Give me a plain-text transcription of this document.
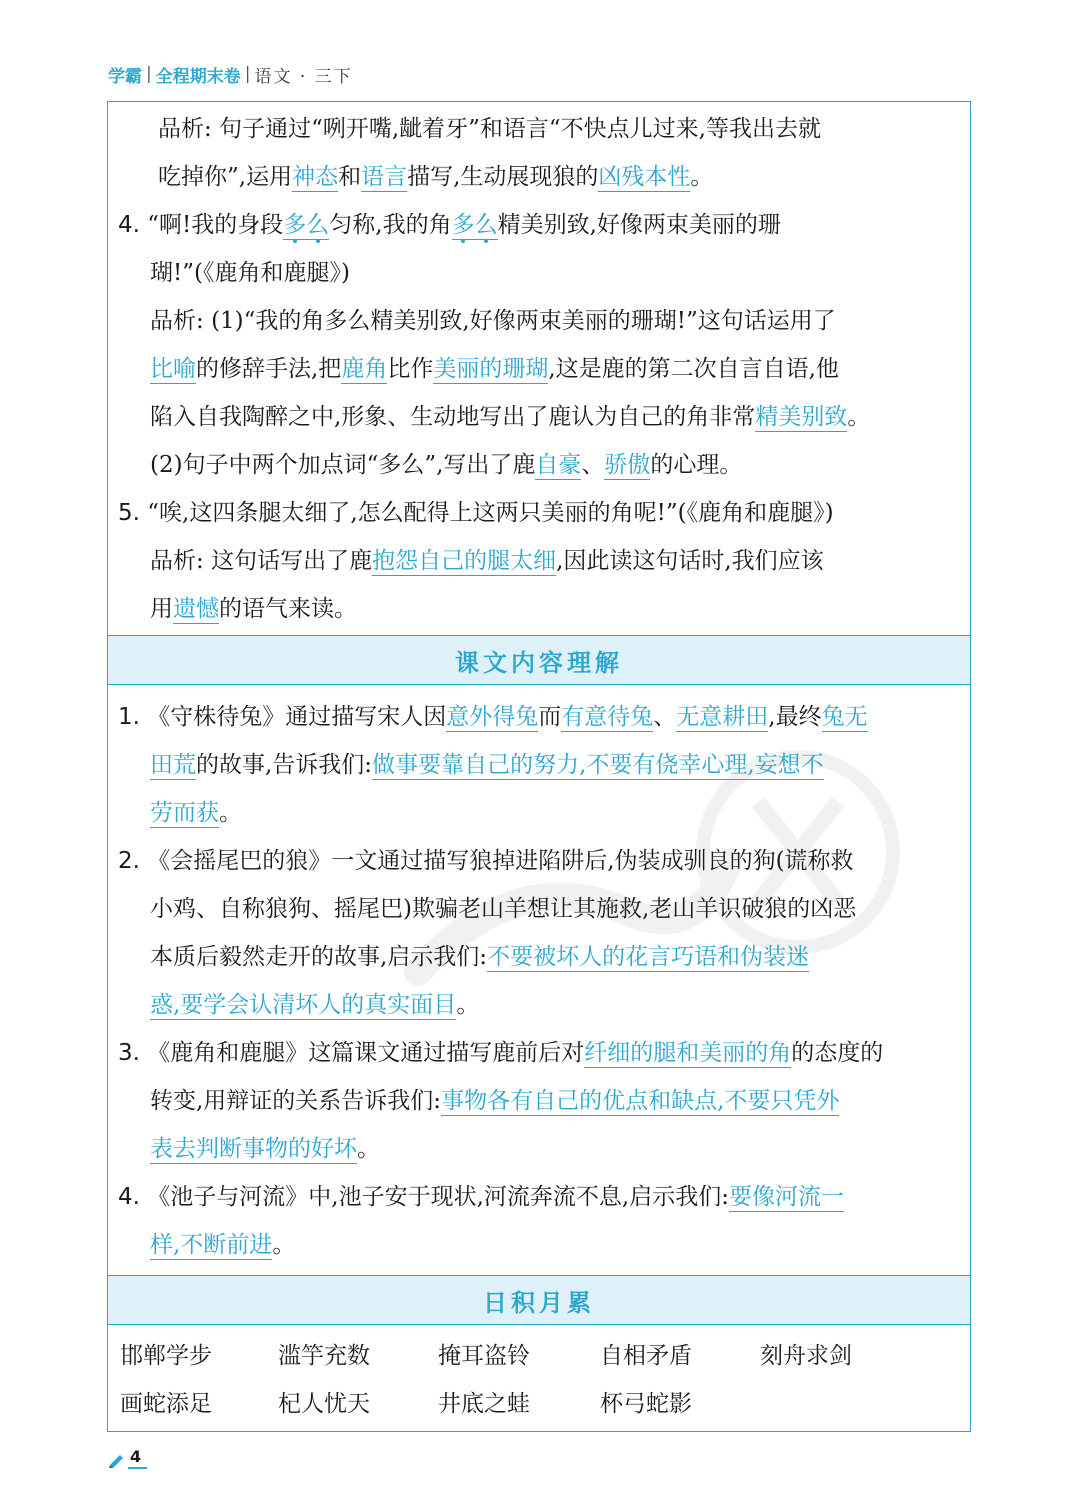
学霸 | 全程期末卷 | 语文 · 三下
品析: 句子通过“咧开嘴,龇着牙”和语言“不快点儿过来,等我出去就
吃掉你”,运用神态和语言描写,生动展现狼的凶残本性。
4. “啊!我的身段多么匀称,我的角多么精美别致,好像两束美丽的珊
瑚!”(《鹿角和鹿腿》)
品析: (1)“我的角多么精美别致,好像两束美丽的珊瑚!”这句话运用了
比喻的修辞手法,把鹿角比作美丽的珊瑚,这是鹿的第二次自言自语,他
陷入自我陶醉之中,形象、生动地写出了鹿认为自己的角非常精美别致。
(2)句子中两个加点词“多么”,写出了鹿自豪、骄傲的心理。
5. “唉,这四条腿太细了,怎么配得上这两只美丽的角呢!”(《鹿角和鹿腿》)
品析: 这句话写出了鹿抱怨自己的腿太细,因此读这句话时,我们应该
用遗憾的语气来读。
课文内容理解
1. 《守株待兔》通过描写宋人因意外得兔而有意待兔、无意耕田,最终兔无
田荒的故事,告诉我们:做事要靠自己的努力,不要有侥幸心理,妄想不
劳而获。
2. 《会摇尾巴的狼》一文通过描写狼掉进陷阱后,伪装成驯良的狗(谎称救
小鸡、自称狼狗、摇尾巴)欺骗老山羊想让其施救,老山羊识破狼的凶恶
本质后毅然走开的故事,启示我们:不要被坏人的花言巧语和伪装迷
惑,要学会认清坏人的真实面目。
3. 《鹿角和鹿腿》这篇课文通过描写鹿前后对纤细的腿和美丽的角的态度的
转变,用辩证的关系告诉我们:事物各有自己的优点和缺点,不要只凭外
表去判断事物的好坏。
4. 《池子与河流》中,池子安于现状,河流奔流不息,启示我们:要像河流一
样,不断前进。
日积月累
邯郸学步	滥竽充数	掩耳盗铃	自相矛盾	刻舟求剑
画蛇添足	杞人忧天	井底之蛙	杯弓蛇影
4
